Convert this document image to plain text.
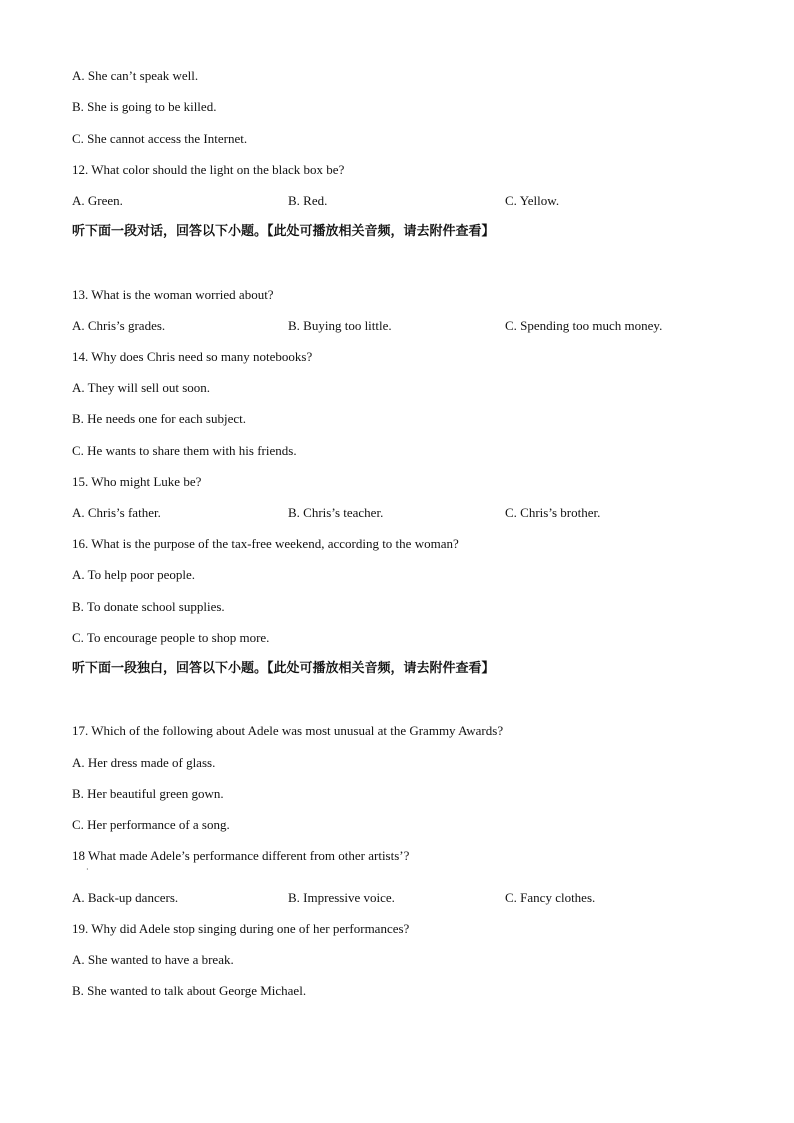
A. She can’t speak well.
B. She is going to be killed.
C. She cannot access the Internet.
12. What color should the light on the black box be?
A. Green.	B. Red.	C. Yellow.
听下面一段对话，回答以下小题。【此处可播放相关音频，请去附件查看】
13. What is the woman worried about?
A. Chris’s grades.	B. Buying too little.	C. Spending too much money.
14. Why does Chris need so many notebooks?
A. They will sell out soon.
B. He needs one for each subject.
C. He wants to share them with his friends.
15. Who might Luke be?
A. Chris’s father.	B. Chris’s teacher.	C. Chris’s brother.
16. What is the purpose of the tax-free weekend, according to the woman?
A. To help poor people.
B. To donate school supplies.
C. To encourage people to shop more.
听下面一段独白，回答以下小题。【此处可播放相关音频，请去附件查看】
17. Which of the following about Adele was most unusual at the Grammy Awards?
A. Her dress made of glass.
B. Her beautiful green gown.
C. Her performance of a song.
18 What made Adele’s performance different from other artists’?
·
A. Back-up dancers.	B. Impressive voice.	C. Fancy clothes.
19. Why did Adele stop singing during one of her performances?
A. She wanted to have a break.
B. She wanted to talk about George Michael.
